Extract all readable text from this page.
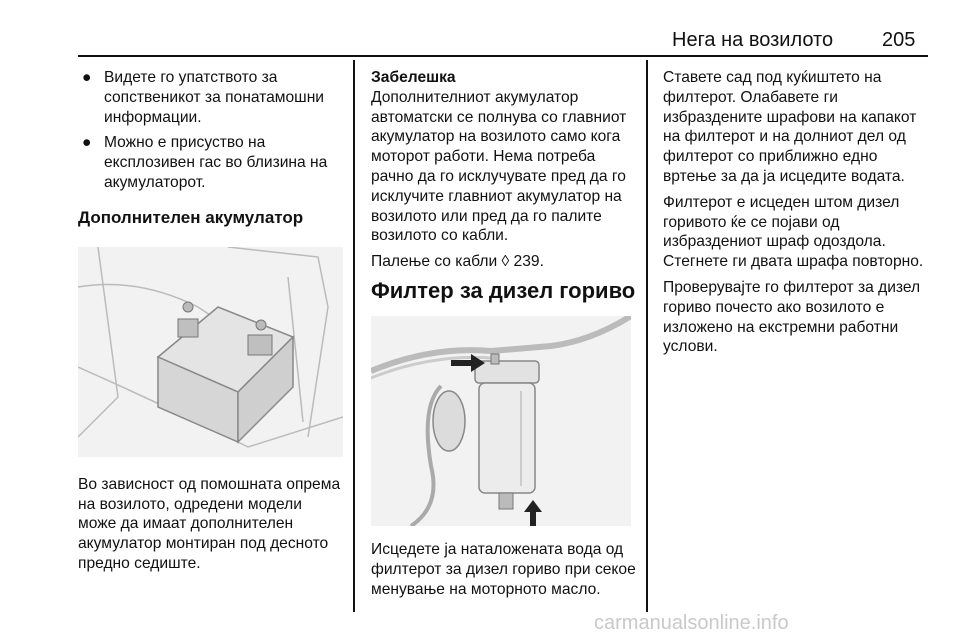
Нега на возилото 205
● Видете го упатството за сопственикот за понатамошни информации.
● Можно е присуство на експлозивен гас во близина на акумулаторот.
Дополнителен акумулатор

Во зависност од помошната опрема на возилото, одредени модели може да имаат дополнителен акумулатор монтиран под десното предно седиште.

Забелешка

Дополнителниот акумулатор автоматски се полнува со главниот акумулатор на возилото само кога моторот работи. Нема потреба рачно да го исклучувате пред да го исклучите главниот акумулатор на возилото или пред да го палите возилото со кабли.

Палење со кабли ◊ 239.

Филтер за дизел гориво

Исцедете ја наталожената вода од филтерот за дизел гориво при секое менување на моторното масло.

Ставете сад под куќиштето на филтерот. Олабавете ги избраздените шрафови на капакот на филтерот и на долниот дел од филтерот со приближно едно вртење за да ја исцедите водата.

Филтерот е исцеден штом дизел горивото ќе се појави од избраздениот шраф одоздола. Стегнете ги двата шрафа повторно.

Проверувајте го филтерот за дизел гориво почесто ако возилото е изложено на екстремни работни услови.

carmanualsonline.info
